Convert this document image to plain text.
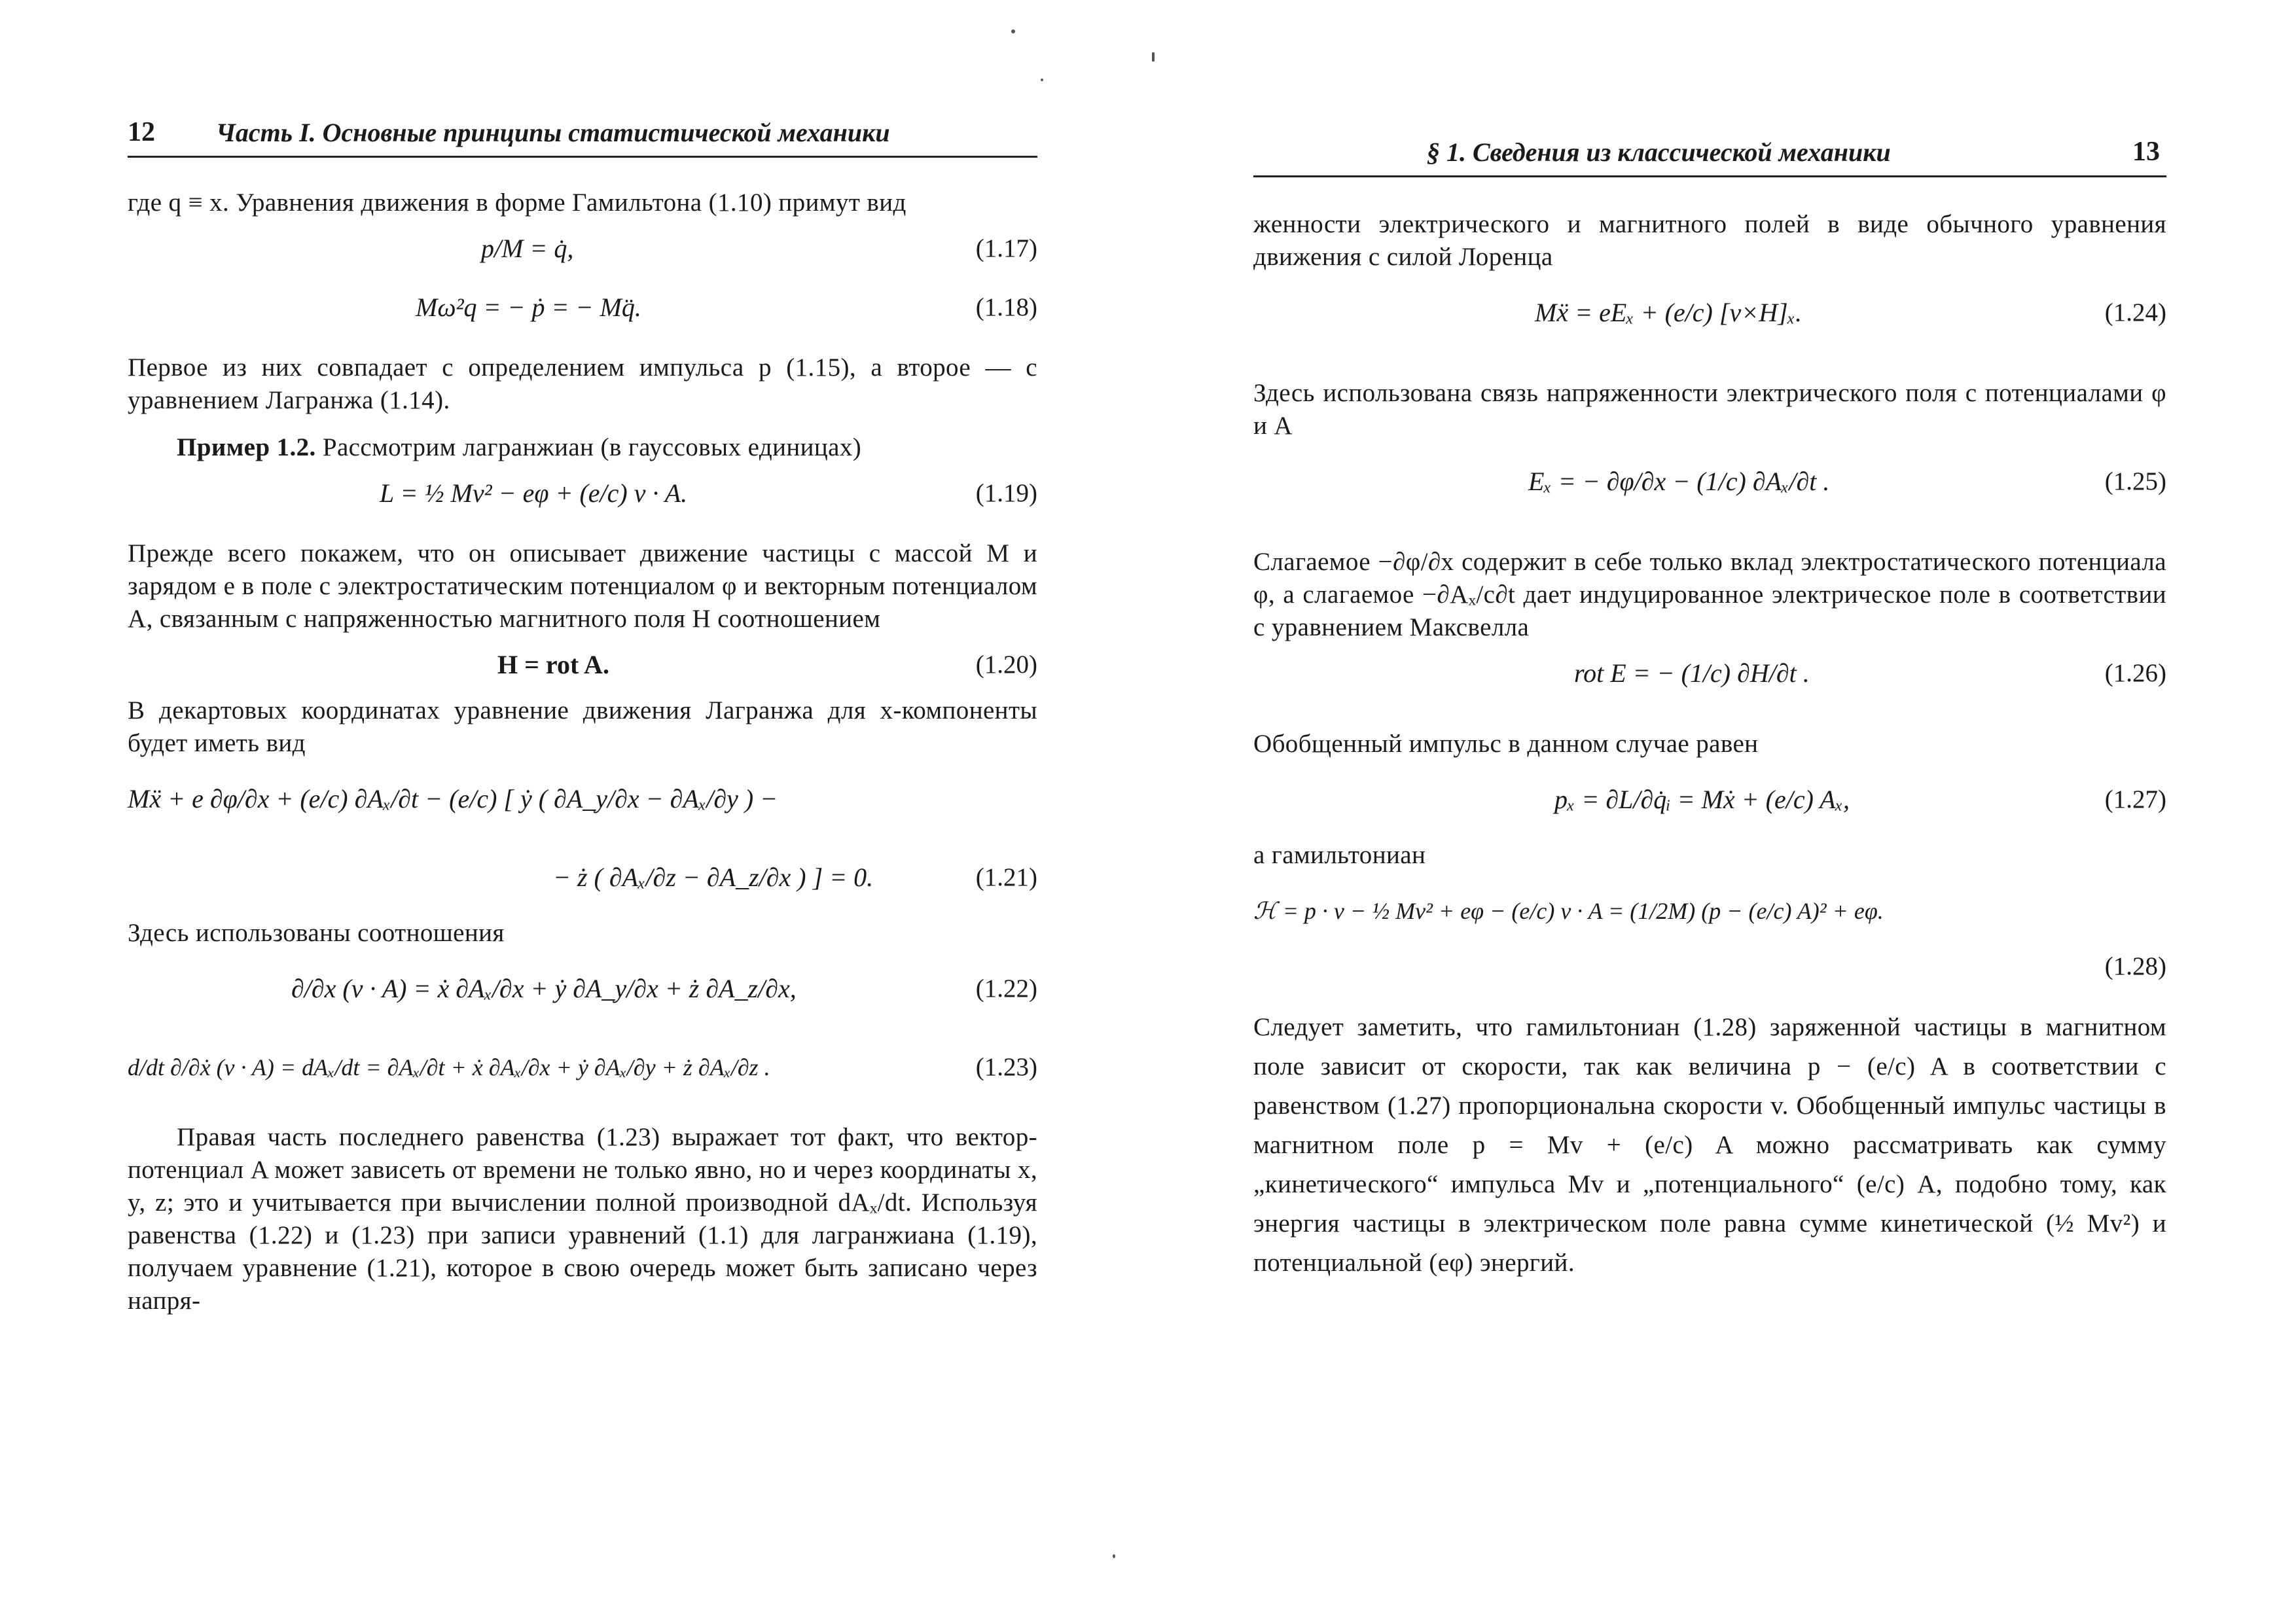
12 Часть I. Основные принципы статистической механики

где q ≡ x. Уравнения движения в форме Гамильтона (1.10) примут вид

p/M = q̇,	(1.17)
Mω²q = − ṗ = − Mq̈.	(1.18)

Первое из них совпадает с определением импульса p (1.15), а второе — с уравнением Лагранжа (1.14).

Пример 1.2. Рассмотрим лагранжиан (в гауссовых единицах)

L = ½ Mv² − eφ + (e/c) v · A.	(1.19)

Прежде всего покажем, что он описывает движение частицы с массой M и зарядом e в поле с электростатическим потенциалом φ и векторным потенциалом A, связанным с напряженностью магнитного поля H соотношением

H = rot A.	(1.20)

В декартовых координатах уравнение движения Лагранжа для x-компоненты будет иметь вид

Mẍ + e ∂φ/∂x + (e/c) ∂Aₓ/∂t − (e/c) [ ẏ ( ∂A_y/∂x − ∂Aₓ/∂y ) −
− ż ( ∂Aₓ/∂z − ∂A_z/∂x ) ] = 0.	(1.21)

Здесь использованы соотношения

∂/∂x (v · A) = ẋ ∂Aₓ/∂x + ẏ ∂A_y/∂x + ż ∂A_z/∂x,	(1.22)
d/dt ∂/∂ẋ (v · A) = dAₓ/dt = ∂Aₓ/∂t + ẋ ∂Aₓ/∂x + ẏ ∂Aₓ/∂y + ż ∂Aₓ/∂z .	(1.23)

Правая часть последнего равенства (1.23) выражает тот факт, что вектор-потенциал A может зависеть от времени не только явно, но и через координаты x, y, z; это и учитывается при вычислении полной производной dAₓ/dt. Используя равенства (1.22) и (1.23) при записи уравнений (1.1) для лагранжиана (1.19), получаем уравнение (1.21), которое в свою очередь может быть записано через напря-

§ 1. Сведения из классической механики	13

женности электрического и магнитного полей в виде обычного уравнения движения с силой Лоренца

Mẍ = eEₓ + (e/c) [v×H]ₓ.	(1.24)

Здесь использована связь напряженности электрического поля с потенциалами φ и A

Eₓ = − ∂φ/∂x − (1/c) ∂Aₓ/∂t .	(1.25)

Слагаемое −∂φ/∂x содержит в себе только вклад электростатического потенциала φ, а слагаемое −∂Aₓ/c∂t дает индуцированное электрическое поле в соответствии с уравнением Максвелла

rot E = − (1/c) ∂H/∂t .	(1.26)

Обобщенный импульс в данном случае равен

pₓ = ∂L/∂q̇ᵢ = Mẋ + (e/c) Aₓ,	(1.27)

а гамильтониан

ℋ = p · v − ½ Mv² + eφ − (e/c) v · A = (1/2M) (p − (e/c) A)² + eφ.
(1.28)

Следует заметить, что гамильтониан (1.28) заряженной частицы в магнитном поле зависит от скорости, так как величина p − (e/c) A в соответствии с равенством (1.27) пропорциональна скорости v. Обобщенный импульс частицы в магнитном поле p = Mv + (e/c) A можно рассматривать как сумму „кинетического“ импульса Mv и „потенциального“ (e/c) A, подобно тому, как энергия частицы в электрическом поле равна сумме кинетической (½ Mv²) и потенциальной (eφ) энергий.
